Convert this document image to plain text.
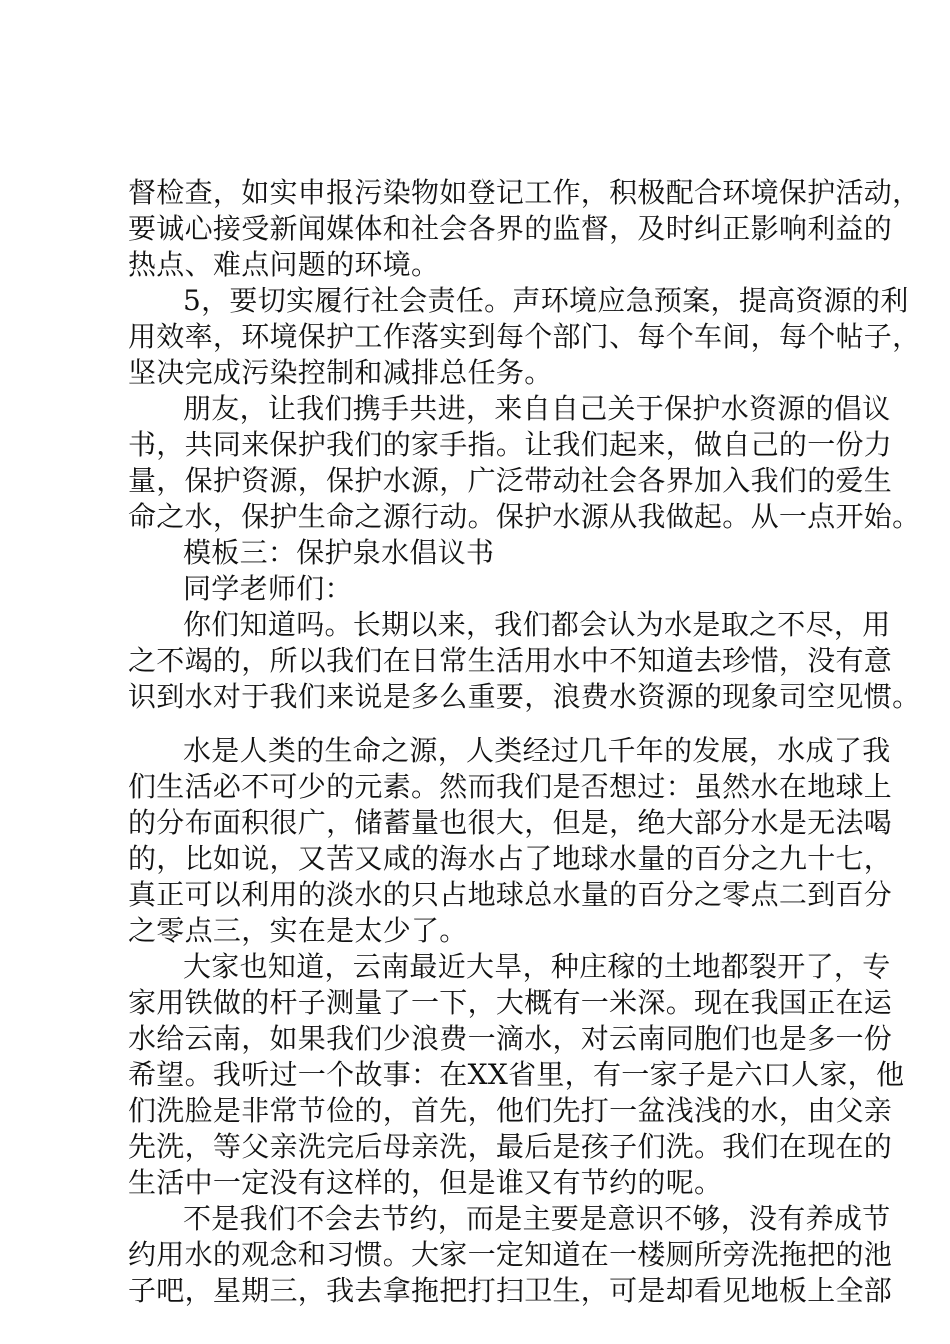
督检查，如实申报污染物如登记工作，积极配合环境保护活动，
要诚心接受新闻媒体和社会各界的监督，及时纠正影响利益的
热点、难点问题的环境。
5，要切实履行社会责任。声环境应急预案，提高资源的利
用效率，环境保护工作落实到每个部门、每个车间，每个帖子，
坚决完成污染控制和减排总任务。
朋友，让我们携手共进，来自自己关于保护水资源的倡议
书，共同来保护我们的家手指。让我们起来，做自己的一份力
量，保护资源，保护水源，广泛带动社会各界加入我们的爱生
命之水，保护生命之源行动。保护水源从我做起。从一点开始。
模板三：保护泉水倡议书
同学老师们：
你们知道吗。长期以来，我们都会认为水是取之不尽，用
之不竭的，所以我们在日常生活用水中不知道去珍惜，没有意
识到水对于我们来说是多么重要，浪费水资源的现象司空见惯。
水是人类的生命之源，人类经过几千年的发展，水成了我
们生活必不可少的元素。然而我们是否想过：虽然水在地球上
的分布面积很广，储蓄量也很大，但是，绝大部分水是无法喝
的，比如说，又苦又咸的海水占了地球水量的百分之九十七，
真正可以利用的淡水的只占地球总水量的百分之零点二到百分
之零点三，实在是太少了。
大家也知道，云南最近大旱，种庄稼的土地都裂开了，专
家用铁做的杆子测量了一下，大概有一米深。现在我国正在运
水给云南，如果我们少浪费一滴水，对云南同胞们也是多一份
希望。我听过一个故事：在XX省里，有一家子是六口人家，他
们洗脸是非常节俭的，首先，他们先打一盆浅浅的水，由父亲
先洗，等父亲洗完后母亲洗，最后是孩子们洗。我们在现在的
生活中一定没有这样的，但是谁又有节约的呢。
不是我们不会去节约，而是主要是意识不够，没有养成节
约用水的观念和习惯。大家一定知道在一楼厕所旁洗拖把的池
子吧，星期三，我去拿拖把打扫卫生，可是却看见地板上全部
